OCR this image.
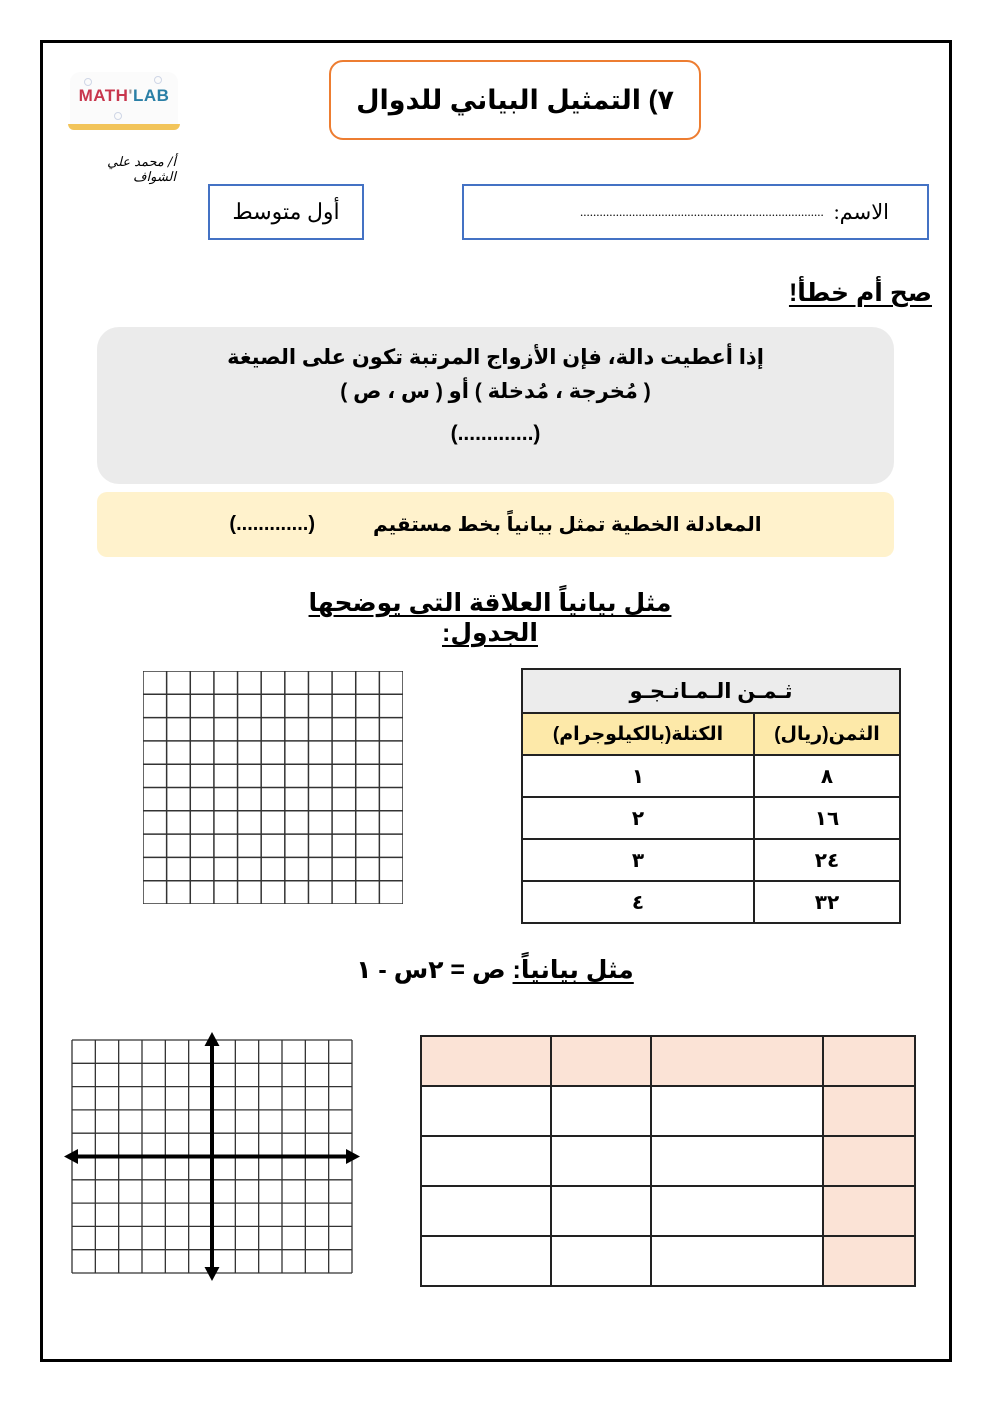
MATH'LAB
أ/ محمد علي الشواف
٧) التمثيل البياني للدوال
أول متوسط	الاسم:
...........................................................................
صح أم خطأ!
إذا أعطيت دالة، فإن الأزواج المرتبة تكون على الصيغة
( مُخرجة ، مُدخلة ) أو ( س ، ص )
(.............)
المعادلة الخطية تمثل بيانياً بخط مستقيم
(.............)
مثل بيانياً العلاقة التى يوضحها الجدول:
ثـمـن الـمـانـجـو	
الكتلة(بالكيلوجرام)	الثمن(ريال)
١	٨
٢	١٦
٣	٢٤
٤	٣٢
مثل بيانياً: ص = ٢س - ١
